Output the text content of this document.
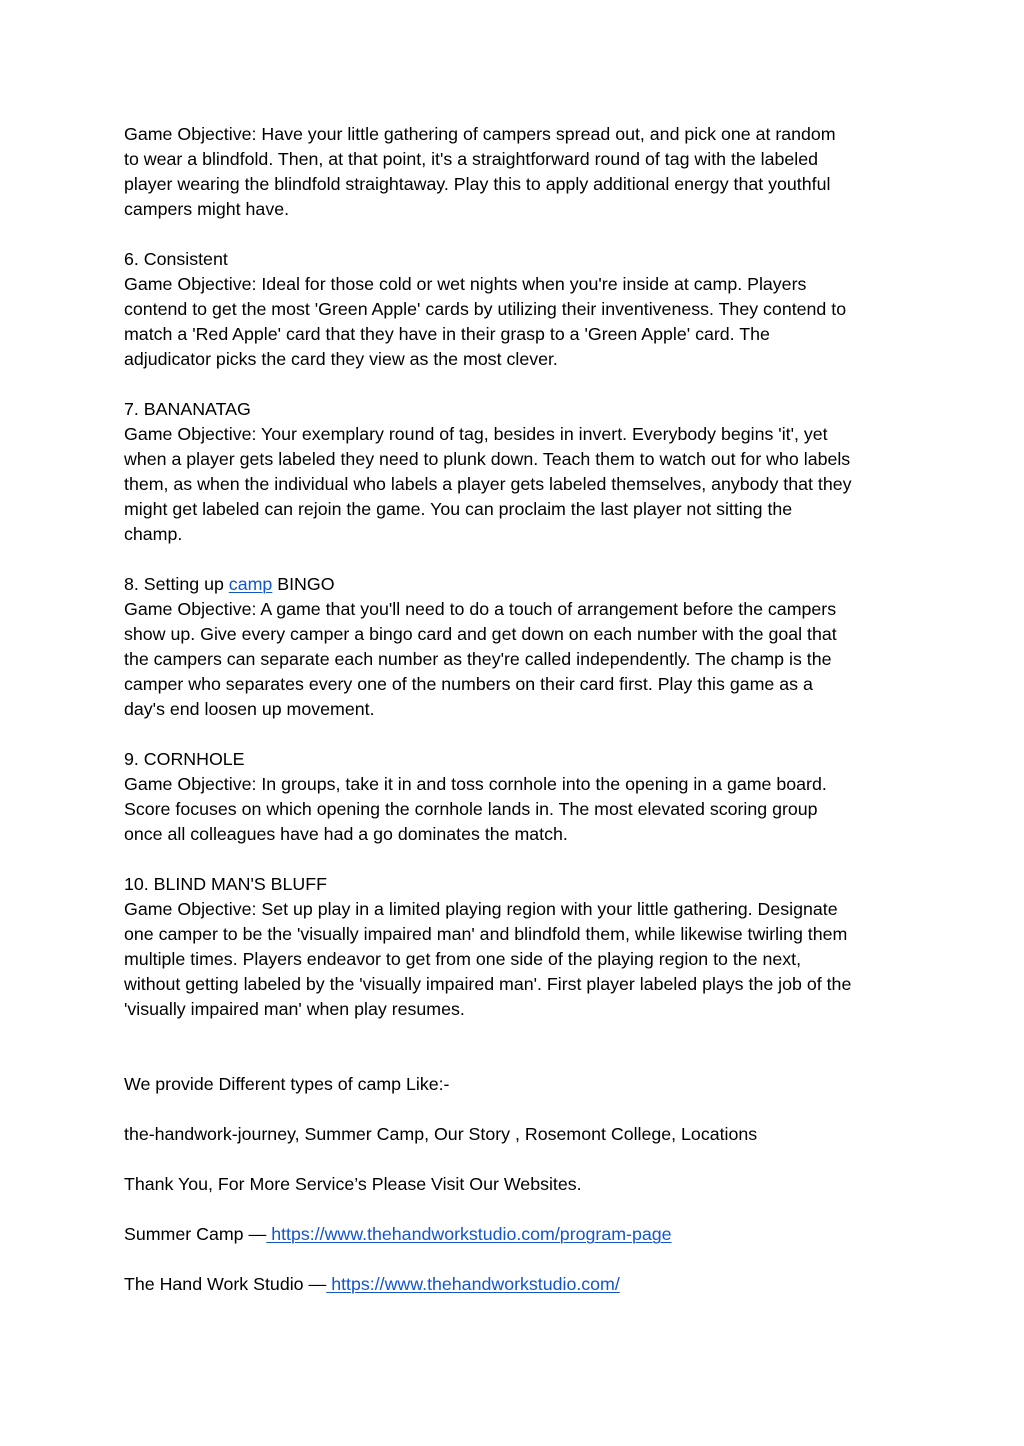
Game Objective: Have your little gathering of campers spread out, and pick one at random
to wear a blindfold. Then, at that point, it's a straightforward round of tag with the labeled
player wearing the blindfold straightaway. Play this to apply additional energy that youthful
campers might have.
6. Consistent
Game Objective: Ideal for those cold or wet nights when you're inside at camp. Players
contend to get the most 'Green Apple' cards by utilizing their inventiveness. They contend to
match a 'Red Apple' card that they have in their grasp to a 'Green Apple' card. The
adjudicator picks the card they view as the most clever.
7. BANANATAG
Game Objective: Your exemplary round of tag, besides in invert. Everybody begins 'it', yet
when a player gets labeled they need to plunk down. Teach them to watch out for who labels
them, as when the individual who labels a player gets labeled themselves, anybody that they
might get labeled can rejoin the game. You can proclaim the last player not sitting the
champ.
8. Setting up camp BINGO
Game Objective: A game that you'll need to do a touch of arrangement before the campers
show up. Give every camper a bingo card and get down on each number with the goal that
the campers can separate each number as they're called independently. The champ is the
camper who separates every one of the numbers on their card first. Play this game as a
day's end loosen up movement.
9. CORNHOLE
Game Objective: In groups, take it in and toss cornhole into the opening in a game board.
Score focuses on which opening the cornhole lands in. The most elevated scoring group
once all colleagues have had a go dominates the match.
10. BLIND MAN'S BLUFF
Game Objective: Set up play in a limited playing region with your little gathering. Designate
one camper to be the 'visually impaired man' and blindfold them, while likewise twirling them
multiple times. Players endeavor to get from one side of the playing region to the next,
without getting labeled by the 'visually impaired man'. First player labeled plays the job of the
'visually impaired man' when play resumes.
We provide Different types of camp Like:-
the-handwork-journey, Summer Camp, Our Story , Rosemont College, Locations
Thank You, For More Service’s Please Visit Our Websites.
Summer Camp — https://www.thehandworkstudio.com/program-page
The Hand Work Studio — https://www.thehandworkstudio.com/
